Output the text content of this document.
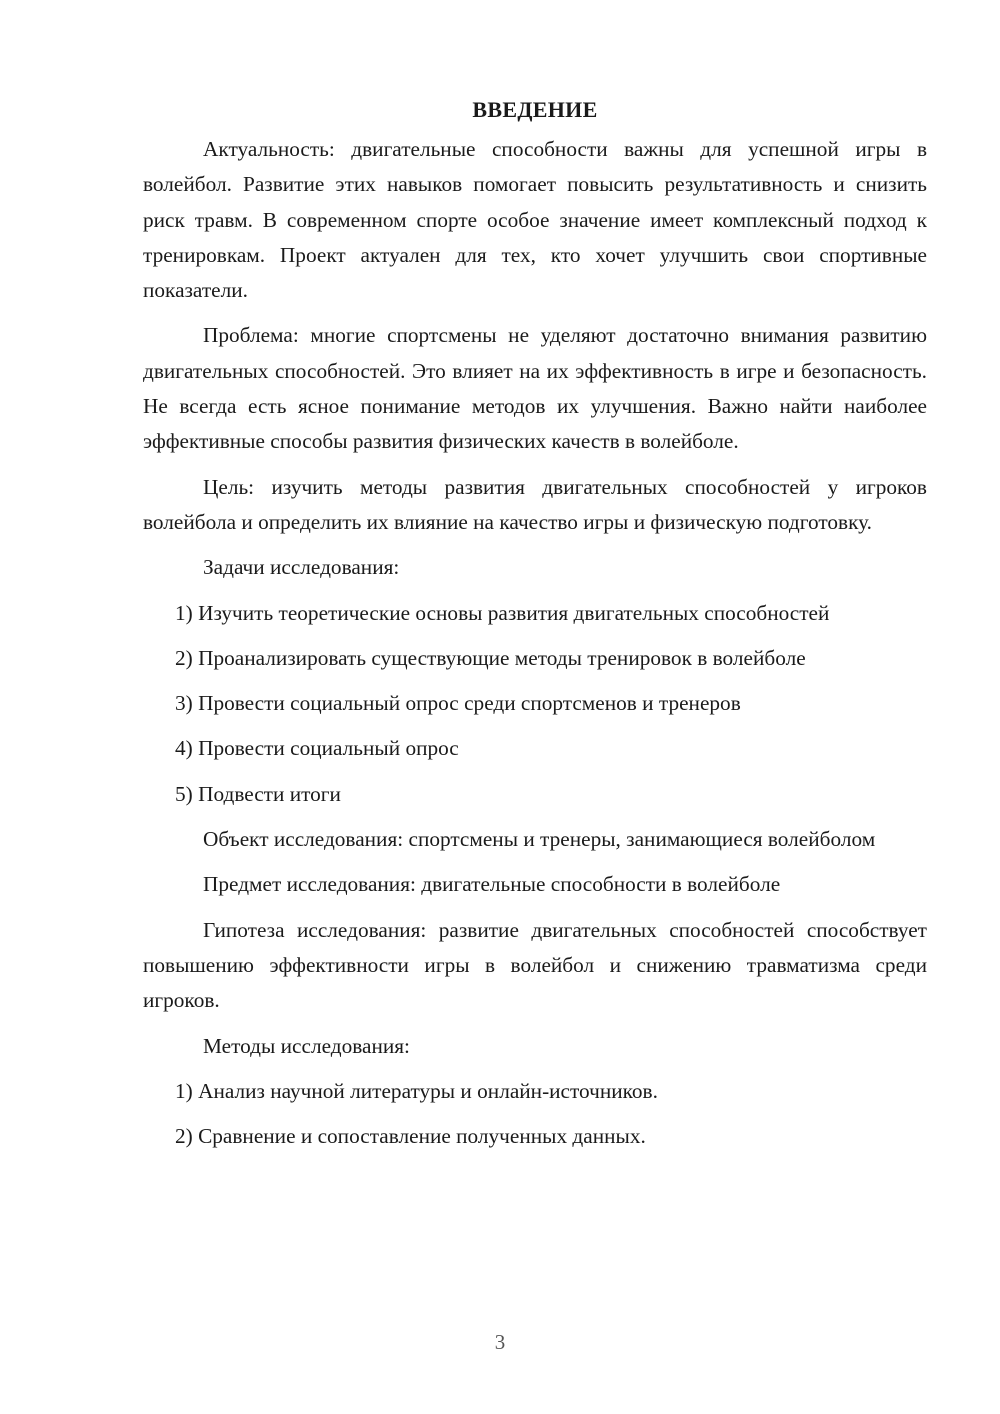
ВВЕДЕНИЕ

Актуальность: двигательные способности важны для успешной игры в волейбол. Развитие этих навыков помогает повысить результативность и снизить риск травм. В современном спорте особое значение имеет комплексный подход к тренировкам. Проект актуален для тех, кто хочет улучшить свои спортивные показатели.

Проблема: многие спортсмены не уделяют достаточно внимания развитию двигательных способностей. Это влияет на их эффективность в игре и безопасность. Не всегда есть ясное понимание методов их улучшения. Важно найти наиболее эффективные способы развития физических качеств в волейболе.

Цель: изучить методы развития двигательных способностей у игроков волейбола и определить их влияние на качество игры и физическую подготовку.

Задачи исследования:

1) Изучить теоретические основы развития двигательных способностей

2) Проанализировать существующие методы тренировок в волейболе

3) Провести социальный опрос среди спортсменов и тренеров

4) Провести социальный опрос

5) Подвести итоги

Объект исследования: спортсмены и тренеры, занимающиеся волейболом

Предмет исследования: двигательные способности в волейболе

Гипотеза исследования: развитие двигательных способностей способствует повышению эффективности игры в волейбол и снижению травматизма среди игроков.

Методы исследования:

1) Анализ научной литературы и онлайн-источников.

2) Сравнение и сопоставление полученных данных.

3
